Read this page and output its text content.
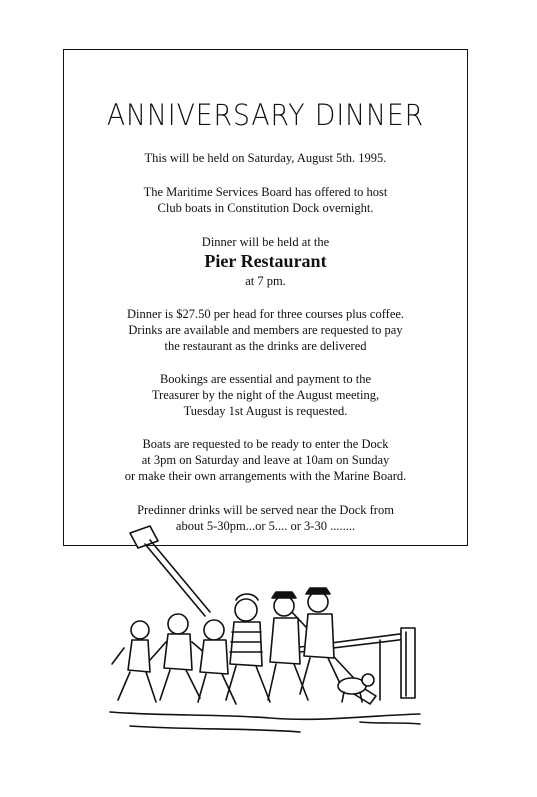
ANNIVERSARY DINNER
This will be held on Saturday, August 5th. 1995.
The Maritime Services Board has offered to host
Club boats in Constitution Dock overnight.
Dinner will be held at the
Pier Restaurant
at 7 pm.
Dinner is $27.50 per head for three courses plus coffee.
Drinks are available and members are requested to pay
the restaurant as the drinks are delivered
Bookings are essential and payment to the
Treasurer by the night of the August meeting,
Tuesday 1st August is requested.
Boats are requested to be ready to enter the Dock
at 3pm on Saturday and leave at 10am on Sunday
or make their own arrangements with the Marine Board.
Predinner drinks will be served near the Dock from
about 5-30pm...or 5.... or 3-30 ........
